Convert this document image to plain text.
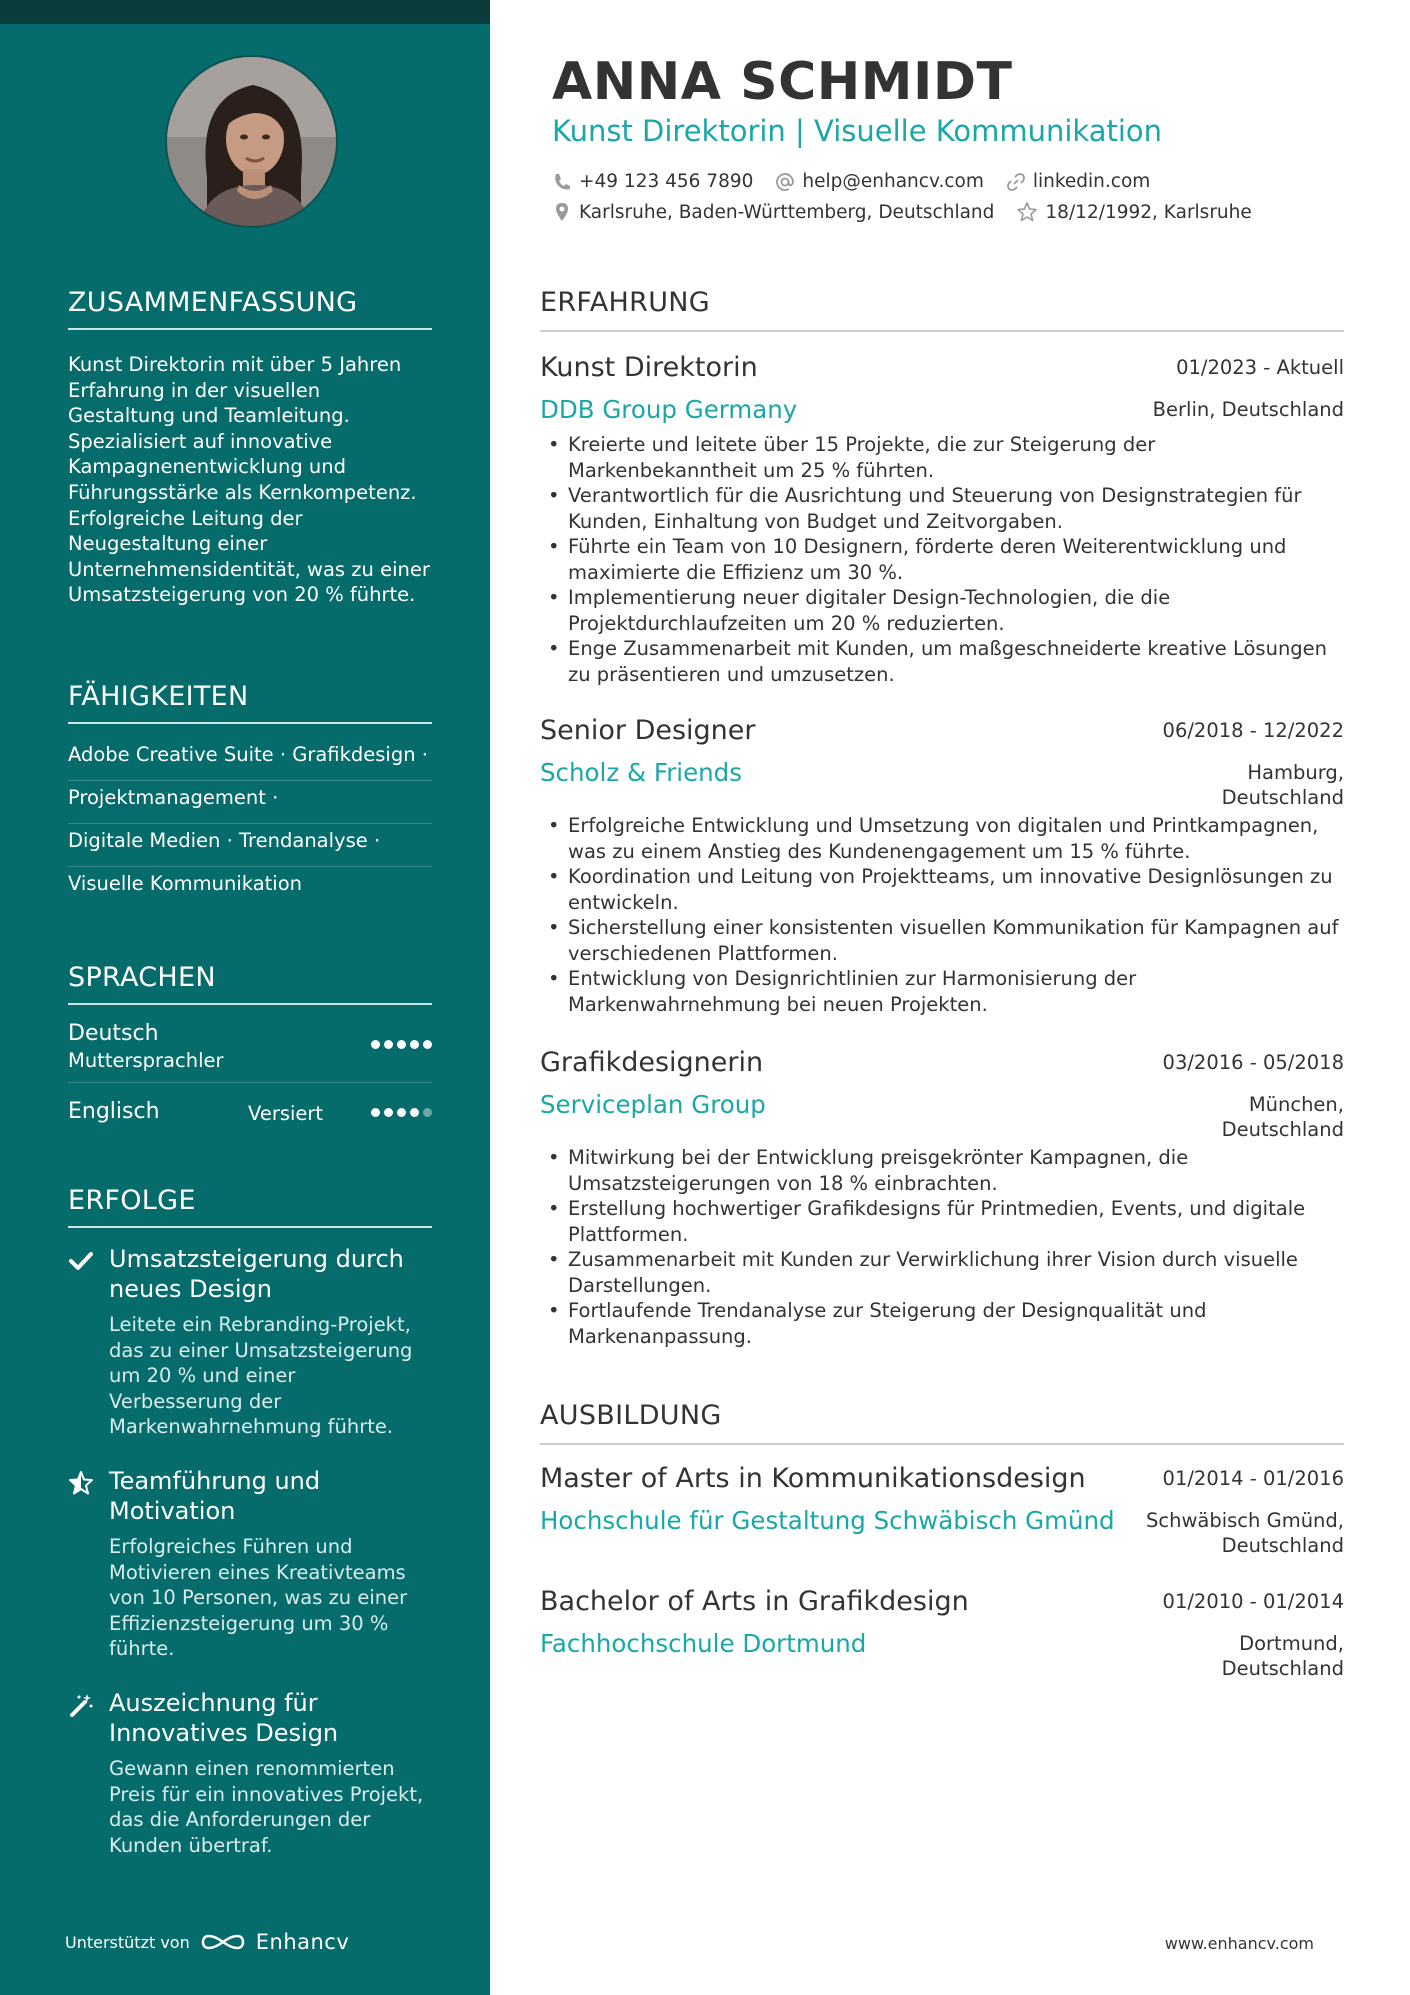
ZUSAMMENFASSUNG
Kunst Direktorin mit über 5 Jahren Erfahrung in der visuellen Gestaltung und Teamleitung. Spezialisiert auf innovative Kampagnenentwicklung und Führungsstärke als Kernkompetenz. Erfolgreiche Leitung der Neugestaltung einer Unternehmensidentität, was zu einer Umsatzsteigerung von 20 % führte.
FÄHIGKEITEN
Adobe Creative Suite · Grafikdesign ·
Projektmanagement ·
Digitale Medien · Trendanalyse ·
Visuelle Kommunikation
SPRACHEN
Deutsch
Muttersprachler
Englisch	Versiert
ERFOLGE
Umsatzsteigerung durch neues Design
Leitete ein Rebranding-Projekt, das zu einer Umsatzsteigerung um 20 % und einer Verbesserung der Markenwahrnehmung führte.
Teamführung und Motivation
Erfolgreiches Führen und Motivieren eines Kreativteams von 10 Personen, was zu einer Effizienzsteigerung um 30 % führte.
Auszeichnung für Innovatives Design
Gewann einen renommierten Preis für ein innovatives Projekt, das die Anforderungen der Kunden übertraf.
Unterstützt von	Enhancv
ANNA SCHMIDT
Kunst Direktorin | Visuelle Kommunikation
+49 123 456 7890	help@enhancv.com	linkedin.com
Karlsruhe, Baden-Württemberg, Deutschland	18/12/1992, Karlsruhe
ERFAHRUNG
Kunst Direktorin	01/2023 - Aktuell
DDB Group Germany	Berlin, Deutschland
• Kreierte und leitete über 15 Projekte, die zur Steigerung der Markenbekanntheit um 25 % führten.
• Verantwortlich für die Ausrichtung und Steuerung von Designstrategien für Kunden, Einhaltung von Budget und Zeitvorgaben.
• Führte ein Team von 10 Designern, förderte deren Weiterentwicklung und maximierte die Effizienz um 30 %.
• Implementierung neuer digitaler Design-Technologien, die die Projektdurchlaufzeiten um 20 % reduzierten.
• Enge Zusammenarbeit mit Kunden, um maßgeschneiderte kreative Lösungen zu präsentieren und umzusetzen.
Senior Designer	06/2018 - 12/2022
Scholz & Friends	Hamburg,
Deutschland
• Erfolgreiche Entwicklung und Umsetzung von digitalen und Printkampagnen, was zu einem Anstieg des Kundenengagement um 15 % führte.
• Koordination und Leitung von Projektteams, um innovative Designlösungen zu entwickeln.
• Sicherstellung einer konsistenten visuellen Kommunikation für Kampagnen auf verschiedenen Plattformen.
• Entwicklung von Designrichtlinien zur Harmonisierung der Markenwahrnehmung bei neuen Projekten.
Grafikdesignerin	03/2016 - 05/2018
Serviceplan Group	München,
Deutschland
• Mitwirkung bei der Entwicklung preisgekrönter Kampagnen, die Umsatzsteigerungen von 18 % einbrachten.
• Erstellung hochwertiger Grafikdesigns für Printmedien, Events, und digitale Plattformen.
• Zusammenarbeit mit Kunden zur Verwirklichung ihrer Vision durch visuelle Darstellungen.
• Fortlaufende Trendanalyse zur Steigerung der Designqualität und Markenanpassung.
AUSBILDUNG
Master of Arts in Kommunikationsdesign	01/2014 - 01/2016
Hochschule für Gestaltung Schwäbisch Gmünd	Schwäbisch Gmünd,
Deutschland
Bachelor of Arts in Grafikdesign	01/2010 - 01/2014
Fachhochschule Dortmund	Dortmund,
Deutschland
www.enhancv.com
